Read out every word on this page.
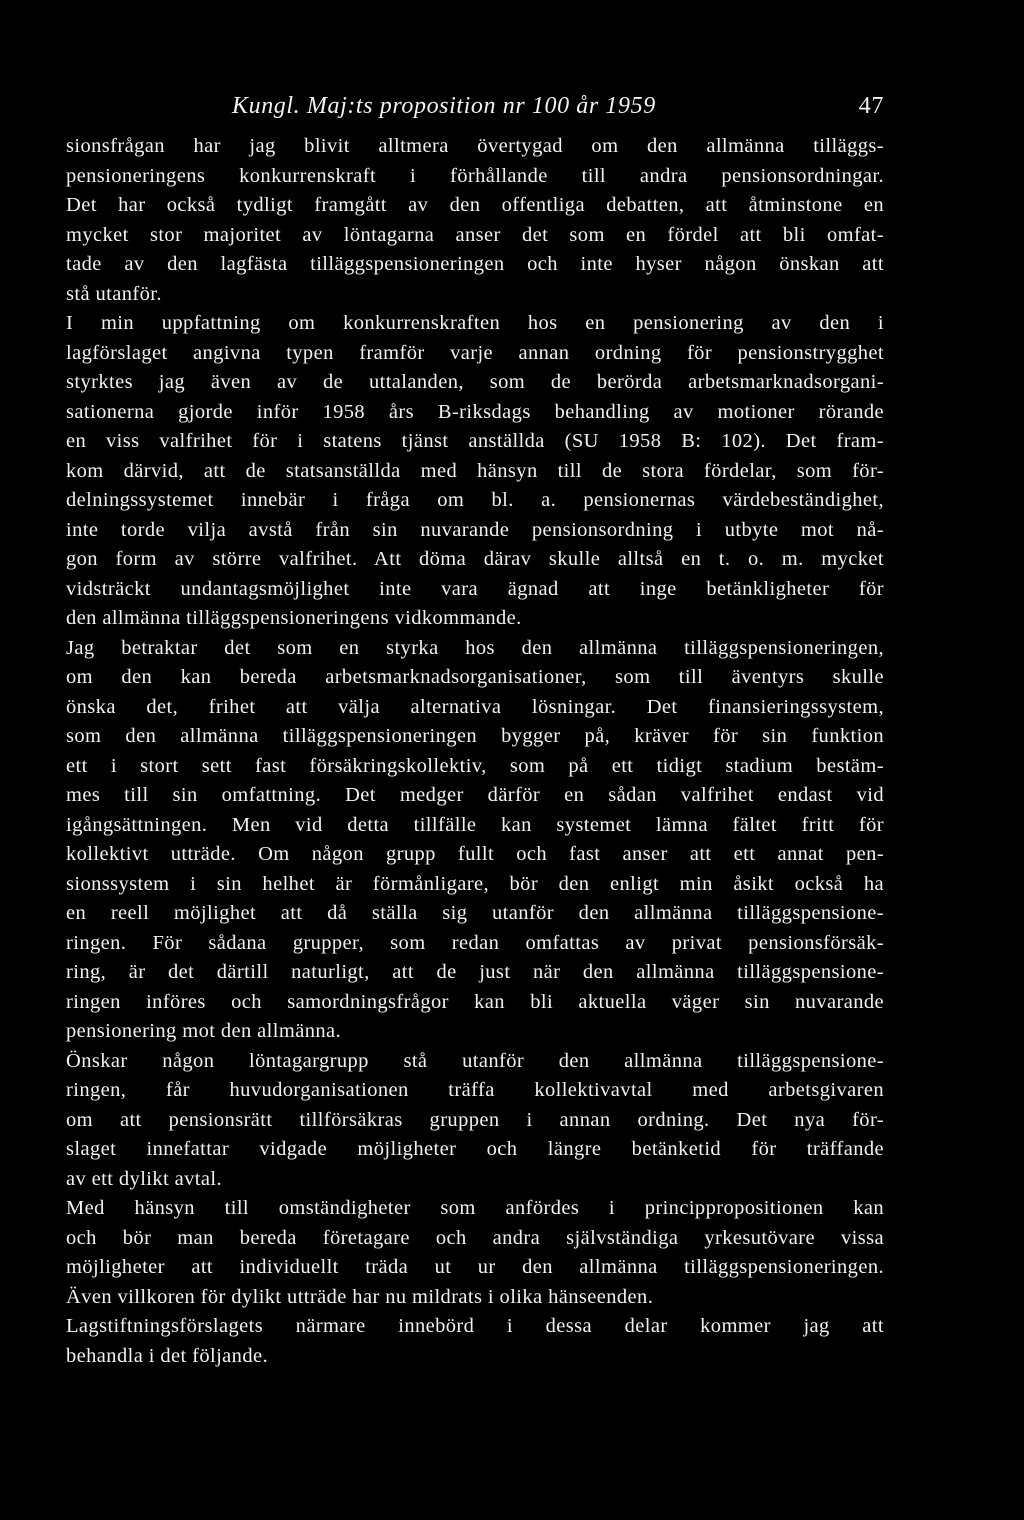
Kungl. Maj:ts proposition nr 100 år 1959	47
sionsfrågan har jag blivit alltmera övertygad om den allmänna tilläggs-
pensioneringens konkurrenskraft i förhållande till andra pensionsordningar.
Det har också tydligt framgått av den offentliga debatten, att åtminstone en
mycket stor majoritet av löntagarna anser det som en fördel att bli omfat-
tade av den lagfästa tilläggspensioneringen och inte hyser någon önskan att
stå utanför.
I min uppfattning om konkurrenskraften hos en pensionering av den i
lagförslaget angivna typen framför varje annan ordning för pensionstrygghet
styrktes jag även av de uttalanden, som de berörda arbetsmarknadsorgani-
sationerna gjorde inför 1958 års B-riksdags behandling av motioner rörande
en viss valfrihet för i statens tjänst anställda (SU 1958 B: 102). Det fram-
kom därvid, att de statsanställda med hänsyn till de stora fördelar, som för-
delningssystemet innebär i fråga om bl. a. pensionernas värdebeständighet,
inte torde vilja avstå från sin nuvarande pensionsordning i utbyte mot nå-
gon form av större valfrihet. Att döma därav skulle alltså en t. o. m. mycket
vidsträckt undantagsmöjlighet inte vara ägnad att inge betänkligheter för
den allmänna tilläggspensioneringens vidkommande.
Jag betraktar det som en styrka hos den allmänna tilläggspensioneringen,
om den kan bereda arbetsmarknadsorganisationer, som till äventyrs skulle
önska det, frihet att välja alternativa lösningar. Det finansieringssystem,
som den allmänna tilläggspensioneringen bygger på, kräver för sin funktion
ett i stort sett fast försäkringskollektiv, som på ett tidigt stadium bestäm-
mes till sin omfattning. Det medger därför en sådan valfrihet endast vid
igångsättningen. Men vid detta tillfälle kan systemet lämna fältet fritt för
kollektivt utträde. Om någon grupp fullt och fast anser att ett annat pen-
sionssystem i sin helhet är förmånligare, bör den enligt min åsikt också ha
en reell möjlighet att då ställa sig utanför den allmänna tilläggspensione-
ringen. För sådana grupper, som redan omfattas av privat pensionsförsäk-
ring, är det därtill naturligt, att de just när den allmänna tilläggspensione-
ringen införes och samordningsfrågor kan bli aktuella väger sin nuvarande
pensionering mot den allmänna.
Önskar någon löntagargrupp stå utanför den allmänna tilläggspensione-
ringen, får huvudorganisationen träffa kollektivavtal med arbetsgivaren
om att pensionsrätt tillförsäkras gruppen i annan ordning. Det nya för-
slaget innefattar vidgade möjligheter och längre betänketid för träffande
av ett dylikt avtal.
Med hänsyn till omständigheter som anfördes i princippropositionen kan
och bör man bereda företagare och andra självständiga yrkesutövare vissa
möjligheter att individuellt träda ut ur den allmänna tilläggspensioneringen.
Även villkoren för dylikt utträde har nu mildrats i olika hänseenden.
Lagstiftningsförslagets närmare innebörd i dessa delar kommer jag att
behandla i det följande.
